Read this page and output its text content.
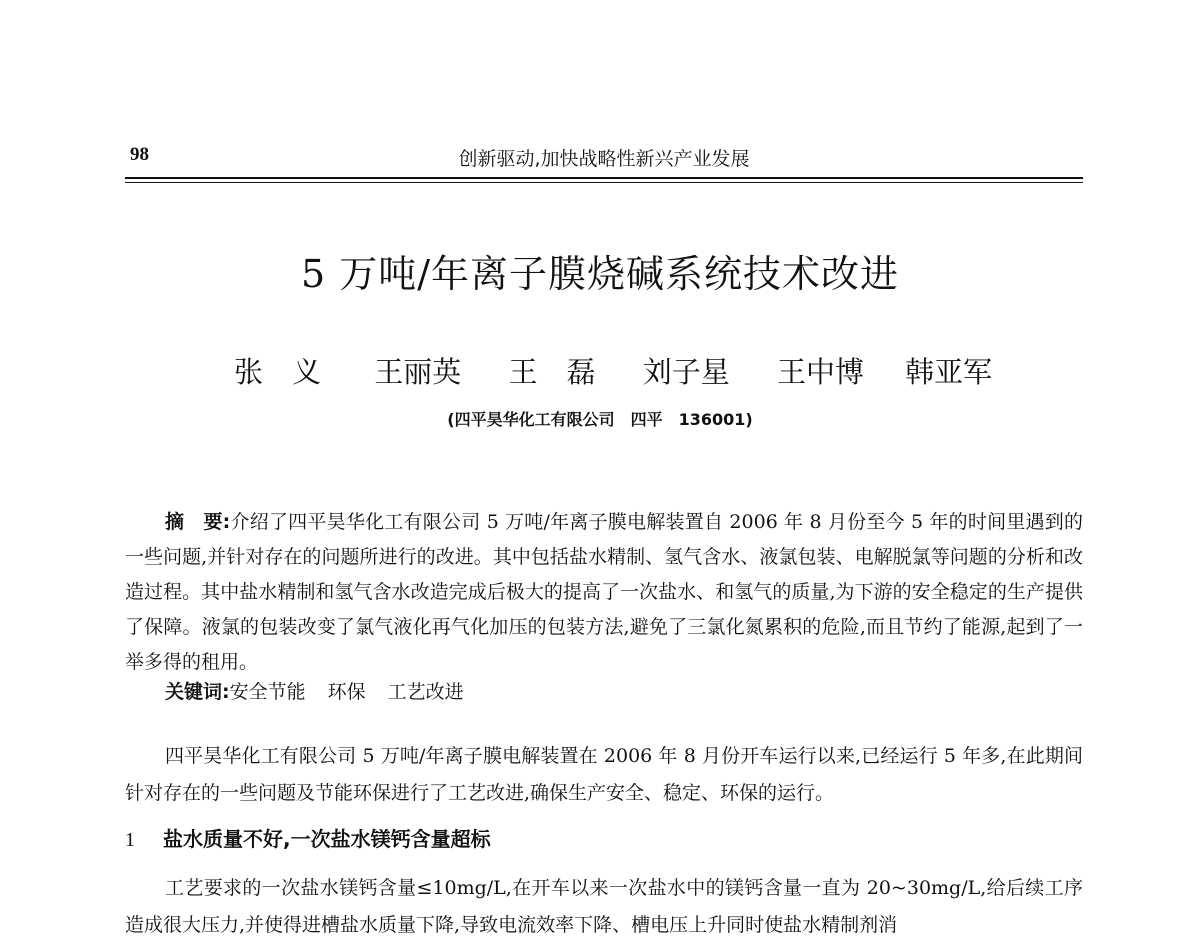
98	创新驱动,加快战略性新兴产业发展
5 万吨/年离子膜烧碱系统技术改进
张　义 王丽英 王　磊 刘子星 王中博 韩亚军
(四平昊华化工有限公司　四平　136001)
摘　要:介绍了四平昊华化工有限公司 5 万吨/年离子膜电解装置自 2006 年 8 月份至今 5 年的时间里遇到的一些问题,并针对存在的问题所进行的改进。其中包括盐水精制、氢气含水、液氯包装、电解脱氯等问题的分析和改造过程。其中盐水精制和氢气含水改造完成后极大的提高了一次盐水、和氢气的质量,为下游的安全稳定的生产提供了保障。液氯的包装改变了氯气液化再气化加压的包装方法,避免了三氯化氮累积的危险,而且节约了能源,起到了一举多得的租用。
关键词:安全节能 环保 工艺改进
四平昊华化工有限公司 5 万吨/年离子膜电解装置在 2006 年 8 月份开车运行以来,已经运行 5 年多,在此期间针对存在的一些问题及节能环保进行了工艺改进,确保生产安全、稳定、环保的运行。
1 盐水质量不好,一次盐水镁钙含量超标
工艺要求的一次盐水镁钙含量≤10mg/L,在开车以来一次盐水中的镁钙含量一直为 20~30mg/L,给后续工序造成很大压力,并使得进槽盐水质量下降,导致电流效率下降、槽电压上升同时使盐水精制剂消
